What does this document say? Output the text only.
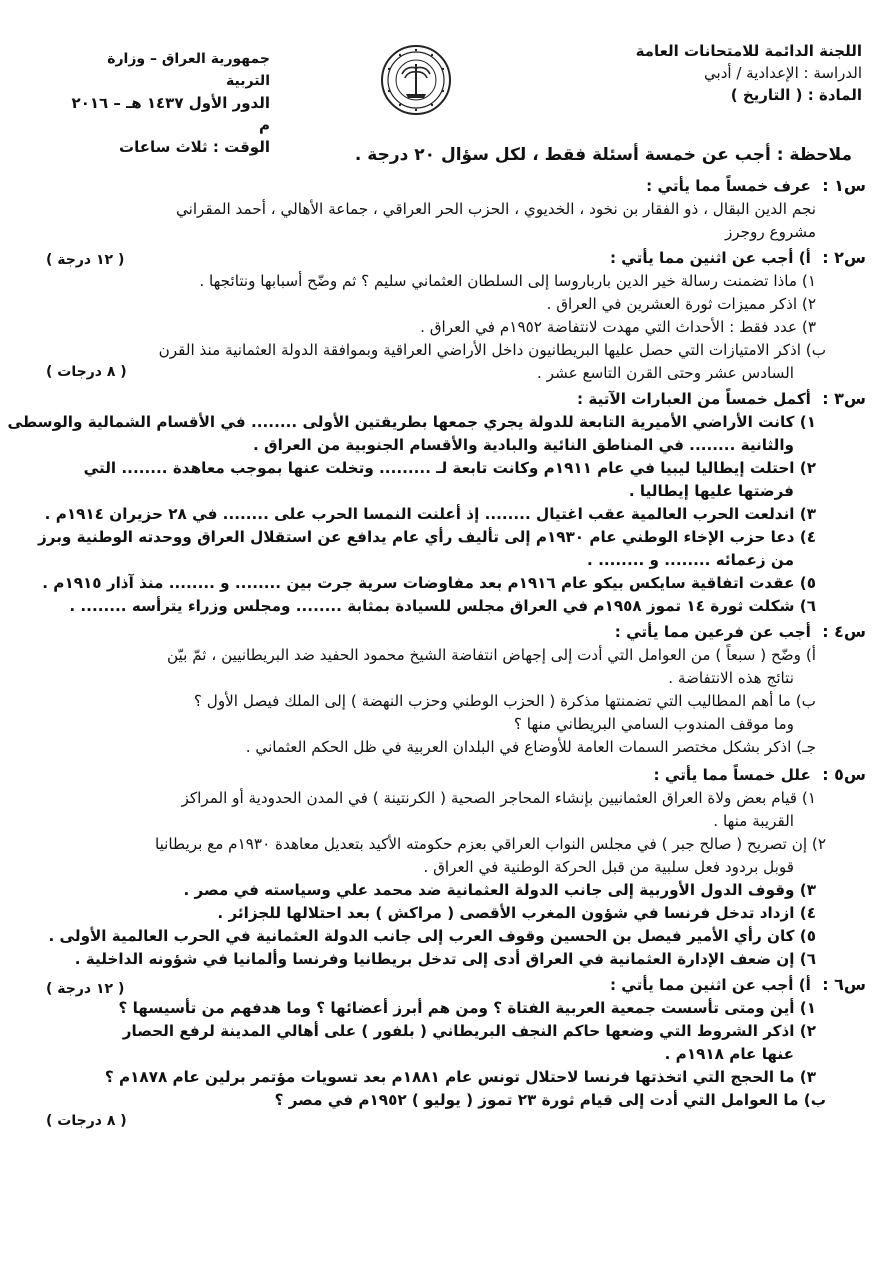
اللجنة الدائمة للامتحانات العامة
الدراسة : الإعدادية / أدبي
المادة : ( التاريخ )
جمهورية العراق – وزارة التربية
الدور الأول ١٤٣٧ هـ – ٢٠١٦ م
الوقت : ثلاث ساعات	ملاحظة : أجب عن خمسة أسئلة فقط ، لكل سؤال ٢٠ درجة .
س١ : عرف خمساً مما يأتي :
نجم الدين البقال ، ذو الفقار بن نخود ، الخديوي ، الحزب الحر العراقي ، جماعة الأهالي ، أحمد المقراني
مشروع روجرز
س٢ : أ) أجب عن اثنين مما يأتي :
( ١٢ درجة )
١) ماذا تضمنت رسالة خير الدين بارباروسا إلى السلطان العثماني سليم ؟ ثم وضّح أسبابها ونتائجها .
٢) اذكر مميزات ثورة العشرين في العراق .
٣) عدد فقط : الأحداث التي مهدت لانتفاضة ١٩٥٢م في العراق .
ب) اذكر الامتيازات التي حصل عليها البريطانيون داخل الأراضي العراقية وبموافقة الدولة العثمانية منذ القرن
السادس عشر وحتى القرن التاسع عشر .
( ٨ درجات )
س٣ : أكمل خمساً من العبارات الآتية :
١) كانت الأراضي الأميرية التابعة للدولة يجري جمعها بطريقتين الأولى ........ في الأقسام الشمالية والوسطى
والثانية ........ في المناطق النائية والبادية والأقسام الجنوبية من العراق .
٢) احتلت إيطاليا ليبيا في عام ١٩١١م وكانت تابعة لـ ......... وتخلت عنها بموجب معاهدة ........ التي
فرضتها عليها إيطاليا .
٣) اندلعت الحرب العالمية عقب اغتيال ........ إذ أعلنت النمسا الحرب على ........ في ٢٨ حزيران ١٩١٤م .
٤) دعا حزب الإخاء الوطني عام ١٩٣٠م إلى تأليف رأي عام يدافع عن استقلال العراق ووحدته الوطنية وبرز
من زعمائه ........ و ........ .
٥) عقدت اتفاقية سايكس بيكو عام ١٩١٦م بعد مفاوضات سرية جرت بين ........ و ........ منذ آذار ١٩١٥م .
٦) شكلت ثورة ١٤ تموز ١٩٥٨م في العراق مجلس للسيادة بمثابة ........ ومجلس وزراء يترأسه ........ .
س٤ : أجب عن فرعين مما يأتي :
أ) وضّح ( سبعاً ) من العوامل التي أدت إلى إجهاض انتفاضة الشيخ محمود الحفيد ضد البريطانيين ، ثمّ بيّن
نتائج هذه الانتفاضة .
ب) ما أهم المطاليب التي تضمنتها مذكرة ( الحزب الوطني وحزب النهضة ) إلى الملك فيصل الأول ؟
وما موقف المندوب السامي البريطاني منها ؟
جـ) اذكر بشكل مختصر السمات العامة للأوضاع في البلدان العربية في ظل الحكم العثماني .
س٥ : علل خمساً مما يأتي :
١) قيام بعض ولاة العراق العثمانيين بإنشاء المحاجر الصحية ( الكرنتينة ) في المدن الحدودية أو المراكز
القريبة منها .
٢) إن تصريح ( صالح جبر ) في مجلس النواب العراقي بعزم حكومته الأكيد بتعديل معاهدة ١٩٣٠م مع بريطانيا
قوبل بردود فعل سلبية من قبل الحركة الوطنية في العراق .
٣) وقوف الدول الأوربية إلى جانب الدولة العثمانية ضد محمد علي وسياسته في مصر .
٤) ازداد تدخل فرنسا في شؤون المغرب الأقصى ( مراكش ) بعد احتلالها للجزائر .
٥) كان رأي الأمير فيصل بن الحسين وقوف العرب إلى جانب الدولة العثمانية في الحرب العالمية الأولى .
٦) إن ضعف الإدارة العثمانية في العراق أدى إلى تدخل بريطانيا وفرنسا وألمانيا في شؤونه الداخلية .
س٦ : أ) أجب عن اثنين مما يأتي :
( ١٢ درجة )
١) أين ومتى تأسست جمعية العربية الفتاة ؟ ومن هم أبرز أعضائها ؟ وما هدفهم من تأسيسها ؟
٢) اذكر الشروط التي وضعها حاكم النجف البريطاني ( بلفور ) على أهالي المدينة لرفع الحصار
عنها عام ١٩١٨م .
٣) ما الحجج التي اتخذتها فرنسا لاحتلال تونس عام ١٨٨١م بعد تسويات مؤتمر برلين عام ١٨٧٨م ؟
ب) ما العوامل التي أدت إلى قيام ثورة ٢٣ تموز ( يوليو ) ١٩٥٢م في مصر ؟
( ٨ درجات )
